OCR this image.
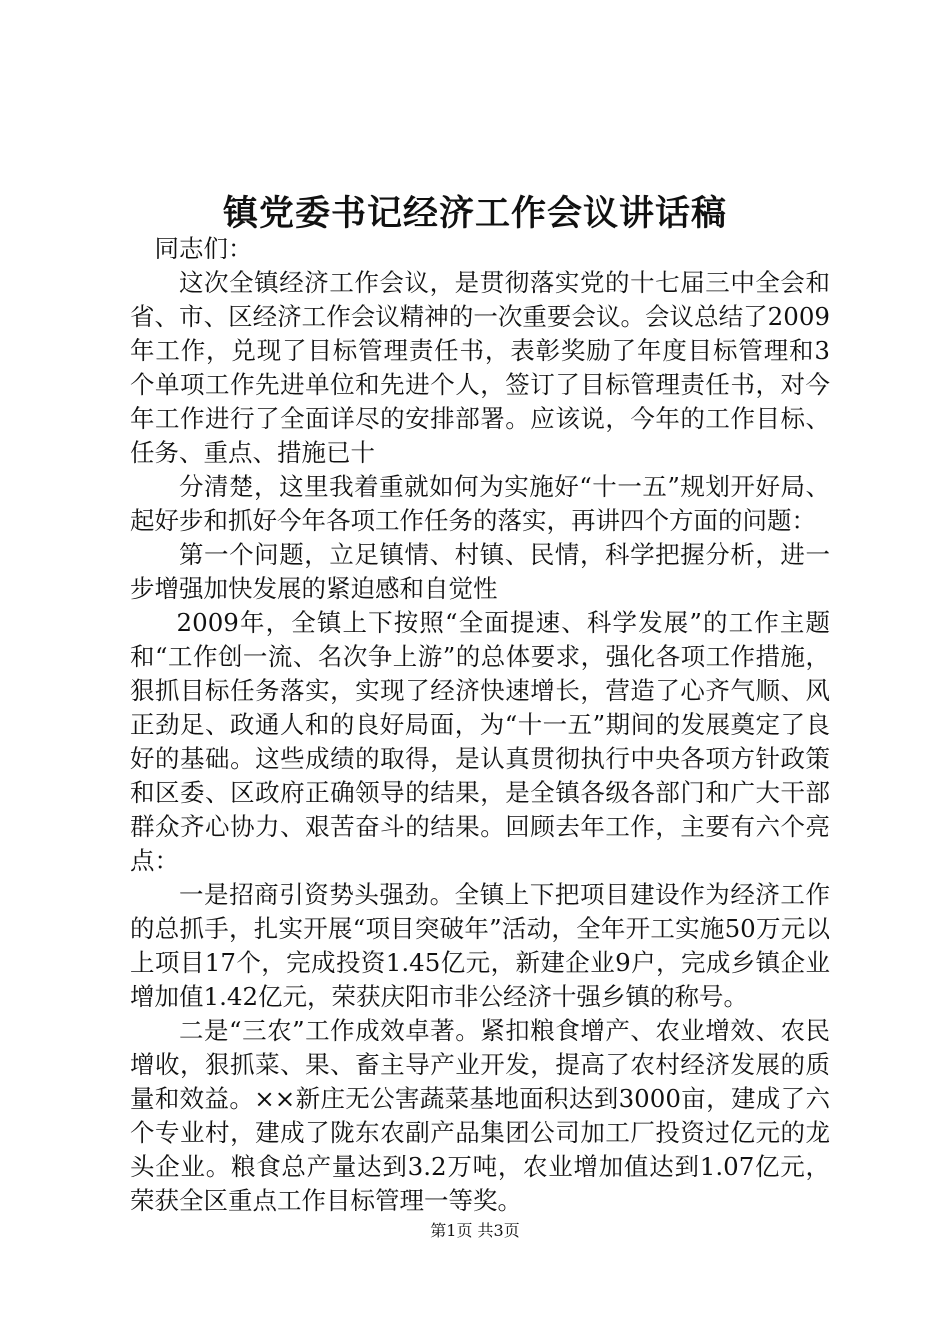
镇党委书记经济工作会议讲话稿

同志们：

这次全镇经济工作会议，是贯彻落实党的十七届三中全会和省、市、区经济工作会议精神的一次重要会议。会议总结了2009年工作，兑现了目标管理责任书，表彰奖励了年度目标管理和3个单项工作先进单位和先进个人，签订了目标管理责任书，对今年工作进行了全面详尽的安排部署。应该说，今年的工作目标、任务、重点、措施已十

分清楚，这里我着重就如何为实施好“十一五”规划开好局、起好步和抓好今年各项工作任务的落实，再讲四个方面的问题：

第一个问题，立足镇情、村镇、民情，科学把握分析，进一步增强加快发展的紧迫感和自觉性

2009年，全镇上下按照“全面提速、科学发展”的工作主题和“工作创一流、名次争上游”的总体要求，强化各项工作措施，狠抓目标任务落实，实现了经济快速增长，营造了心齐气顺、风正劲足、政通人和的良好局面，为“十一五”期间的发展奠定了良好的基础。这些成绩的取得，是认真贯彻执行中央各项方针政策和区委、区政府正确领导的结果，是全镇各级各部门和广大干部群众齐心协力、艰苦奋斗的结果。回顾去年工作，主要有六个亮点：

一是招商引资势头强劲。全镇上下把项目建设作为经济工作的总抓手，扎实开展“项目突破年”活动，全年开工实施50万元以上项目17个，完成投资1.45亿元，新建企业9户，完成乡镇企业增加值1.42亿元，荣获庆阳市非公经济十强乡镇的称号。

二是“三农”工作成效卓著。紧扣粮食增产、农业增效、农民增收，狠抓菜、果、畜主导产业开发，提高了农村经济发展的质量和效益。××新庄无公害蔬菜基地面积达到3000亩，建成了六个专业村，建成了陇东农副产品集团公司加工厂投资过亿元的龙头企业。粮食总产量达到3.2万吨，农业增加值达到1.07亿元，荣获全区重点工作目标管理一等奖。

第1页 共3页
